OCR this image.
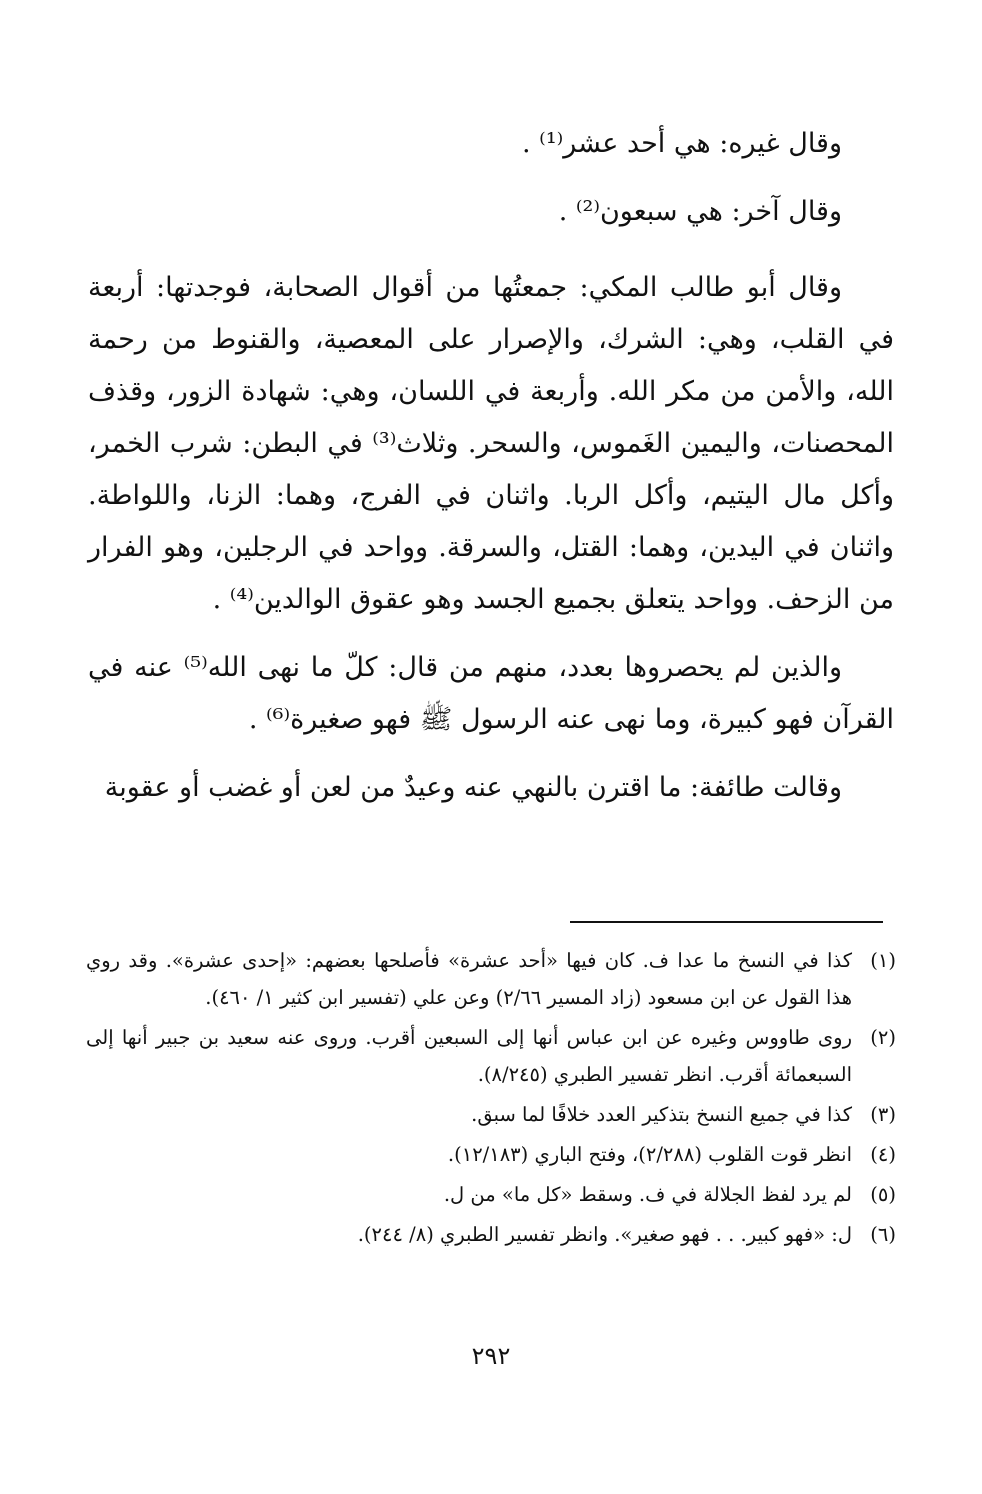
وقال غيره: هي أحد عشر⁽¹⁾ .

وقال آخر: هي سبعون⁽²⁾ .

وقال أبو طالب المكي: جمعتُها من أقوال الصحابة، فوجدتها: أربعة في القلب، وهي: الشرك، والإصرار على المعصية، والقنوط من رحمة الله، والأمن من مكر الله. وأربعة في اللسان، وهي: شهادة الزور، وقذف المحصنات، واليمين الغَموس، والسحر. وثلاث⁽³⁾ في البطن: شرب الخمر، وأكل مال اليتيم، وأكل الربا. واثنان في الفرج، وهما: الزنا، واللواطة. واثنان في اليدين، وهما: القتل، والسرقة. وواحد في الرجلين، وهو الفرار من الزحف. وواحد يتعلق بجميع الجسد وهو عقوق الوالدين⁽⁴⁾ .

والذين لم يحصروها بعدد، منهم من قال: كلّ ما نهى الله⁽⁵⁾ عنه في القرآن فهو كبيرة، وما نهى عنه الرسول ﷺ فهو صغيرة⁽⁶⁾ .

وقالت طائفة: ما اقترن بالنهي عنه وعيدٌ من لعن أو غضب أو عقوبة

(١)
كذا في النسخ ما عدا ف. كان فيها «أحد عشرة» فأصلحها بعضهم: «إحدى عشرة». وقد روي هذا القول عن ابن مسعود (زاد المسير ٢/٦٦) وعن علي (تفسير ابن كثير ١/ ٤٦٠).
(٢)
روى طاووس وغيره عن ابن عباس أنها إلى السبعين أقرب. وروى عنه سعيد بن جبير أنها إلى السبعمائة أقرب. انظر تفسير الطبري (٨/٢٤٥).
(٣)
كذا في جميع النسخ بتذكير العدد خلافًا لما سبق.
(٤)
انظر قوت القلوب (٢/٢٨٨)، وفتح الباري (١٢/١٨٣).
(٥)
لم يرد لفظ الجلالة في ف. وسقط «كل ما» من ل.
(٦)
ل: «فهو كبير. . . فهو صغير». وانظر تفسير الطبري (٨/ ٢٤٤).
٢٩٢
